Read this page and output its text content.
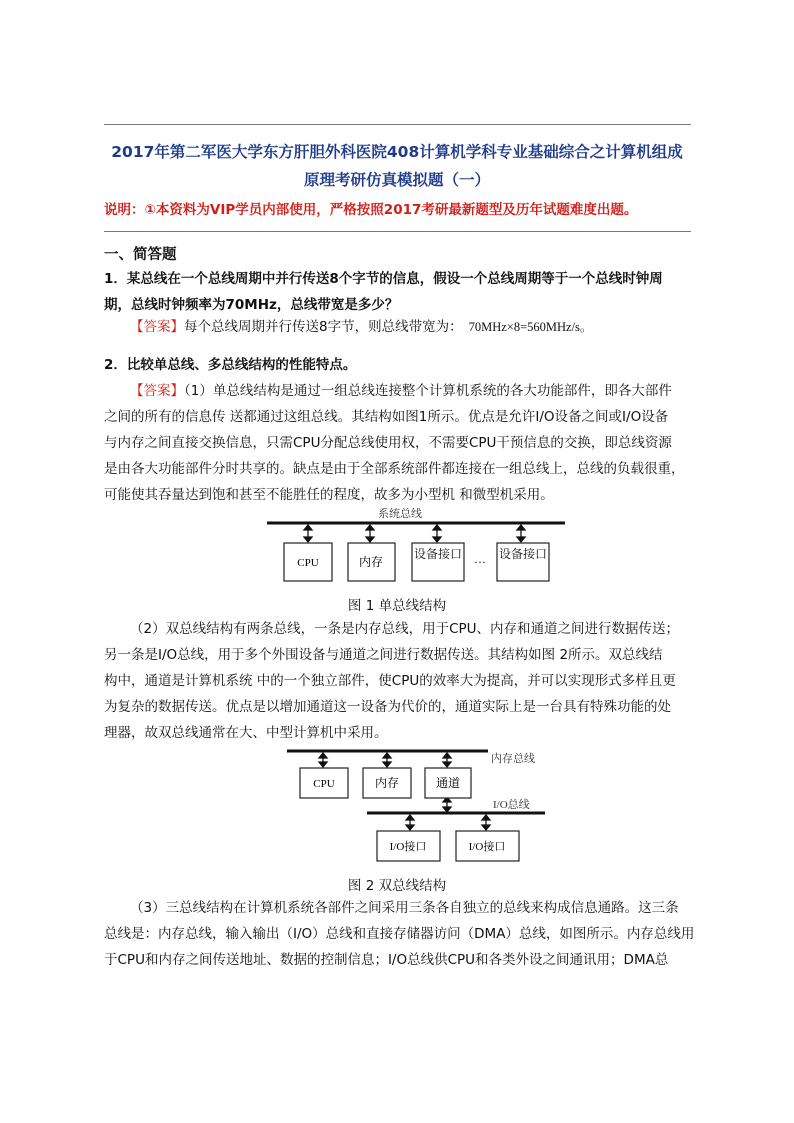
2017年第二军医大学东方肝胆外科医院408计算机学科专业基础综合之计算机组成
原理考研仿真模拟题（一）
说明：①本资料为VIP学员内部使用，严格按照2017考研最新题型及历年试题难度出题。
一、简答题
1．某总线在一个总线周期中并行传送8个字节的信息，假设一个总线周期等于一个总线时钟周
期，总线时钟频率为70MHz，总线带宽是多少？
【答案】每个总线周期并行传送8字节，则总线带宽为： 70MHz×8=560MHz/s。
2．比较单总线、多总线结构的性能特点。
【答案】（1）单总线结构是通过一组总线连接整个计算机系统的各大功能部件，即各大部件
之间的所有的信息传 送都通过这组总线。其结构如图1所示。优点是允许I/O设备之间或I/O设备
与内存之间直接交换信息，只需CPU分配总线使用权，不需要CPU干预信息的交换，即总线资源
是由各大功能部件分时共享的。缺点是由于全部系统部件都连接在一组总线上，总线的负载很重，
可能使其吞量达到饱和甚至不能胜任的程度，故多为小型机 和微型机采用。
系统总线
CPU	内存
设备接口	设备接口
···
图 1 单总线结构
（2）双总线结构有两条总线，一条是内存总线，用于CPU、内存和通道之间进行数据传送；
另一条是I/O总线，用于多个外围设备与通道之间进行数据传送。其结构如图 2所示。双总线结
构中，通道是计算机系统 中的一个独立部件，使CPU的效率大为提高，并可以实现形式多样且更
为复杂的数据传送。优点是以增加通道这一设备为代价的，通道实际上是一台具有特殊功能的处
理器，故双总线通常在大、中型计算机中采用。
内存总线
CPU	内存	通道
I/O总线
I/O接口	I/O接口
图 2 双总线结构
（3）三总线结构在计算机系统各部件之间采用三条各自独立的总线来构成信息通路。这三条
总线是：内存总线，输入输出（I/O）总线和直接存储器访问（DMA）总线，如图所示。内存总线用
于CPU和内存之间传送地址、数据的控制信息；I/O总线供CPU和各类外设之间通讯用；DMA总
